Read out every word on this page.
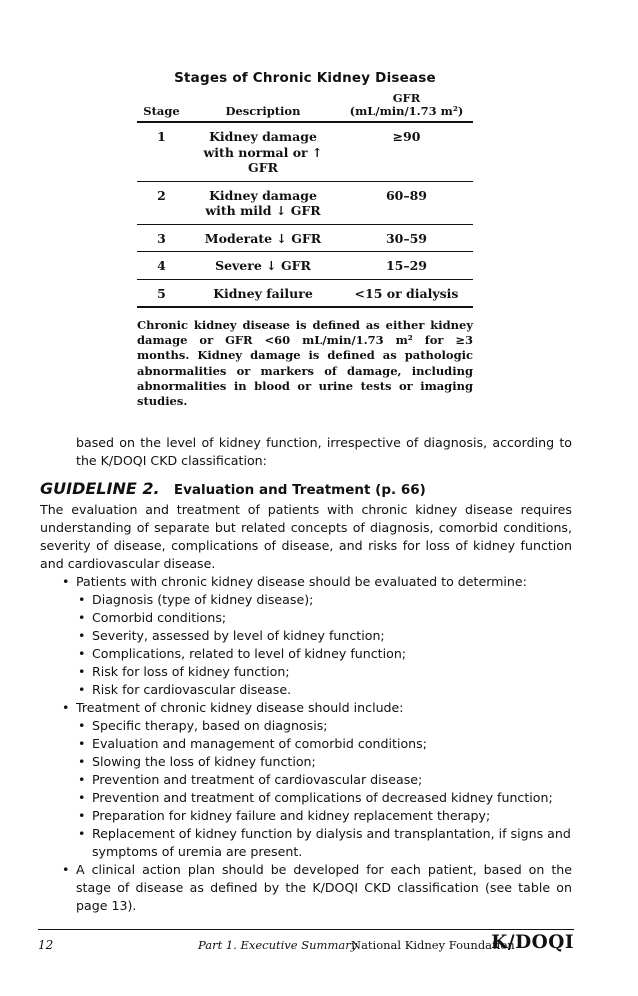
Stages of Chronic Kidney Disease
Stage	Description	GFR
(mL/min/1.73 m²)

1	Kidney damage
with normal or ↑
GFR	≥90
2	Kidney damage
with mild ↓ GFR	60–89
3	Moderate ↓ GFR	30–59
4	Severe ↓ GFR	15–29
5	Kidney failure	<15 or dialysis
Chronic kidney disease is defined as either kidney damage or GFR <60 mL/min/1.73 m² for ≥3 months. Kidney damage is defined as pathologic abnormalities or markers of damage, including abnormalities in blood or urine tests or imaging studies.
based on the level of kidney function, irrespective of diagnosis, according to the K/DOQI CKD classification:
GUIDELINE 2. Evaluation and Treatment (p. 66)

The evaluation and treatment of patients with chronic kidney disease requires understanding of separate but related concepts of diagnosis, comorbid conditions, severity of disease, complications of disease, and risks for loss of kidney function and cardiovascular disease.

• Patients with chronic kidney disease should be evaluated to determine:
• Diagnosis (type of kidney disease);
• Comorbid conditions;
• Severity, assessed by level of kidney function;
• Complications, related to level of kidney function;
• Risk for loss of kidney function;
• Risk for cardiovascular disease.
• Treatment of chronic kidney disease should include:
• Specific therapy, based on diagnosis;
• Evaluation and management of comorbid conditions;
• Slowing the loss of kidney function;
• Prevention and treatment of cardiovascular disease;
• Prevention and treatment of complications of decreased kidney function;
• Preparation for kidney failure and kidney replacement therapy;
• Replacement of kidney function by dialysis and transplantation, if signs and symptoms of uremia are present.
• A clinical action plan should be developed for each patient, based on the stage of disease as defined by the K/DOQI CKD classification (see table on page 13).
12	Part 1. Executive Summary
National Kidney Foundation
K/DOQI
